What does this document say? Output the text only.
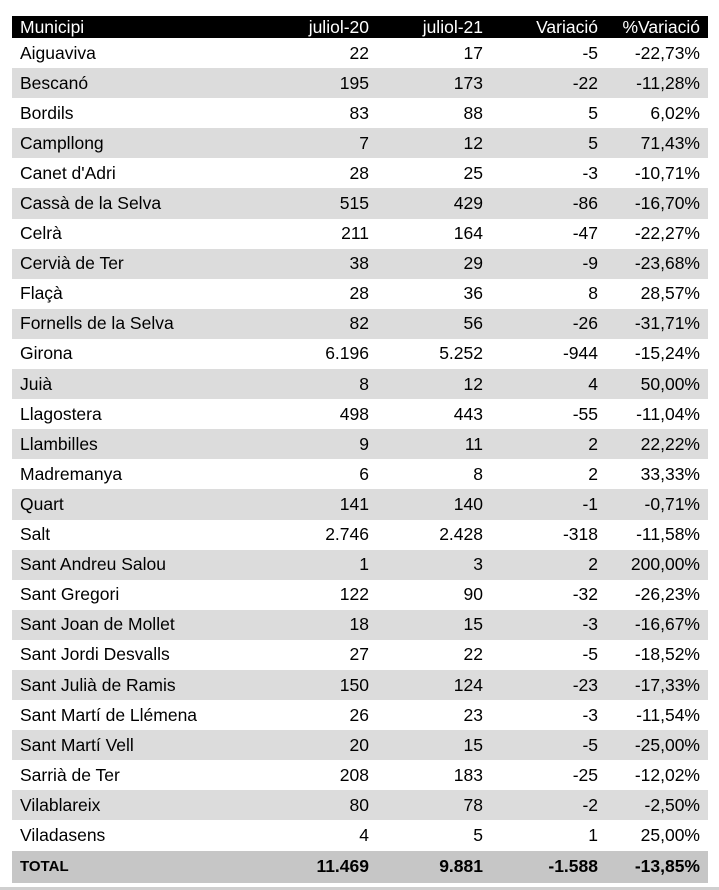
Municipi	juliol-20	juliol-21	Variació	%Variació
Aiguaviva	22	17	-5	-22,73%
Bescanó	195	173	-22	-11,28%
Bordils	83	88	5	6,02%
Campllong	7	12	5	71,43%
Canet d'Adri	28	25	-3	-10,71%
Cassà de la Selva	515	429	-86	-16,70%
Celrà	211	164	-47	-22,27%
Cervià de Ter	38	29	-9	-23,68%
Flaçà	28	36	8	28,57%
Fornells de la Selva	82	56	-26	-31,71%
Girona	6.196	5.252	-944	-15,24%
Juià	8	12	4	50,00%
Llagostera	498	443	-55	-11,04%
Llambilles	9	11	2	22,22%
Madremanya	6	8	2	33,33%
Quart	141	140	-1	-0,71%
Salt	2.746	2.428	-318	-11,58%
Sant Andreu Salou	1	3	2	200,00%
Sant Gregori	122	90	-32	-26,23%
Sant Joan de Mollet	18	15	-3	-16,67%
Sant Jordi Desvalls	27	22	-5	-18,52%
Sant Julià de Ramis	150	124	-23	-17,33%
Sant Martí de Llémena	26	23	-3	-11,54%
Sant Martí Vell	20	15	-5	-25,00%
Sarrià de Ter	208	183	-25	-12,02%
Vilablareix	80	78	-2	-2,50%
Viladasens	4	5	1	25,00%
TOTAL	11.469	9.881	-1.588	-13,85%
